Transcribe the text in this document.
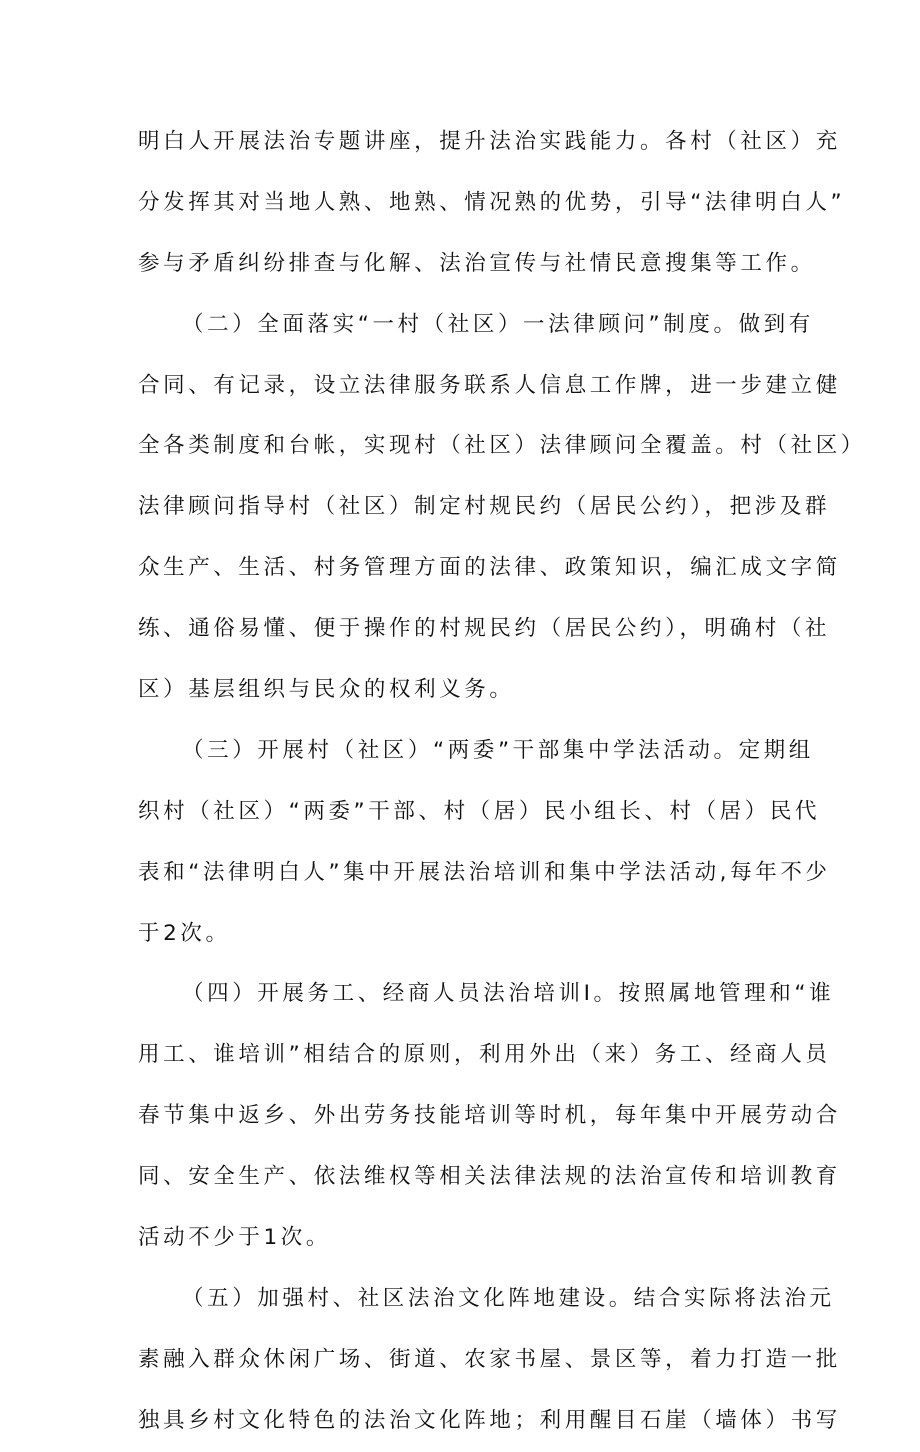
明白人开展法治专题讲座，提升法治实践能力。各村（社区）充
分发挥其对当地人熟、地熟、情况熟的优势，引导“法律明白人”
参与矛盾纠纷排查与化解、法治宣传与社情民意搜集等工作。
（二）全面落实“一村（社区）一法律顾问”制度。做到有
合同、有记录，设立法律服务联系人信息工作牌，进一步建立健
全各类制度和台帐，实现村（社区）法律顾问全覆盖。村（社区）
法律顾问指导村（社区）制定村规民约（居民公约），把涉及群
众生产、生活、村务管理方面的法律、政策知识，编汇成文字简
练、通俗易懂、便于操作的村规民约（居民公约），明确村（社
区）基层组织与民众的权利义务。
（三）开展村（社区）“两委”干部集中学法活动。定期组
织村（社区）“两委”干部、村（居）民小组长、村（居）民代
表和“法律明白人”集中开展法治培训和集中学法活动,每年不少
于2次。
（四）开展务工、经商人员法治培训I。按照属地管理和“谁
用工、谁培训”相结合的原则，利用外出（来）务工、经商人员
春节集中返乡、外出劳务技能培训等时机，每年集中开展劳动合
同、安全生产、依法维权等相关法律法规的法治宣传和培训教育
活动不少于1次。
（五）加强村、社区法治文化阵地建设。结合实际将法治元
素融入群众休闲广场、街道、农家书屋、景区等，着力打造一批
独具乡村文化特色的法治文化阵地；利用醒目石崖（墙体）书写
